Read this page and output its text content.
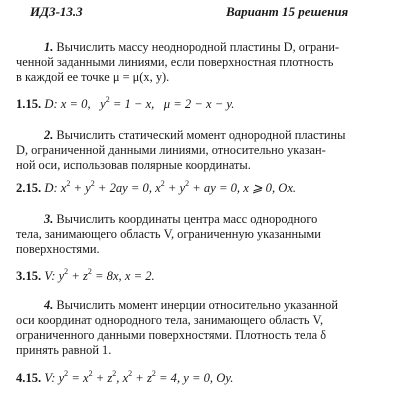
ИДЗ-13.3	Вариант 15 решения
1. Вычислить массу неоднородной пластины D, ограни-
ченной заданными линиями, если поверхностная плотность
в каждой ее точке μ = μ(x, y).
1.15. D: x = 0, $y^2 = 1 - x$, μ = 2 − x − y.
2. Вычислить статический момент однородной пластины
D, ограниченной данными линиями, относительно указан-
ной оси, использовав полярные координаты.
2.15. D: $x^2 + y^2 + 2ay = 0$, $x^2 + y^2$ + ay = 0, x ⩾ 0, Ox.
3. Вычислить координаты центра масс однородного
тела, занимающего область V, ограниченную указанными
поверхностями.
3.15. V: $y^2 + z^2 = 8x$, x = 2.
4. Вычислить момент инерции относительно указанной
оси координат однородного тела, занимающего область V,
ограниченного данными поверхностями. Плотность тела δ
принять равной 1.
4.15. V: $y^2 = x^2 + z^2$, $x^2 + z^2 = 4$, y = 0, Oy.
